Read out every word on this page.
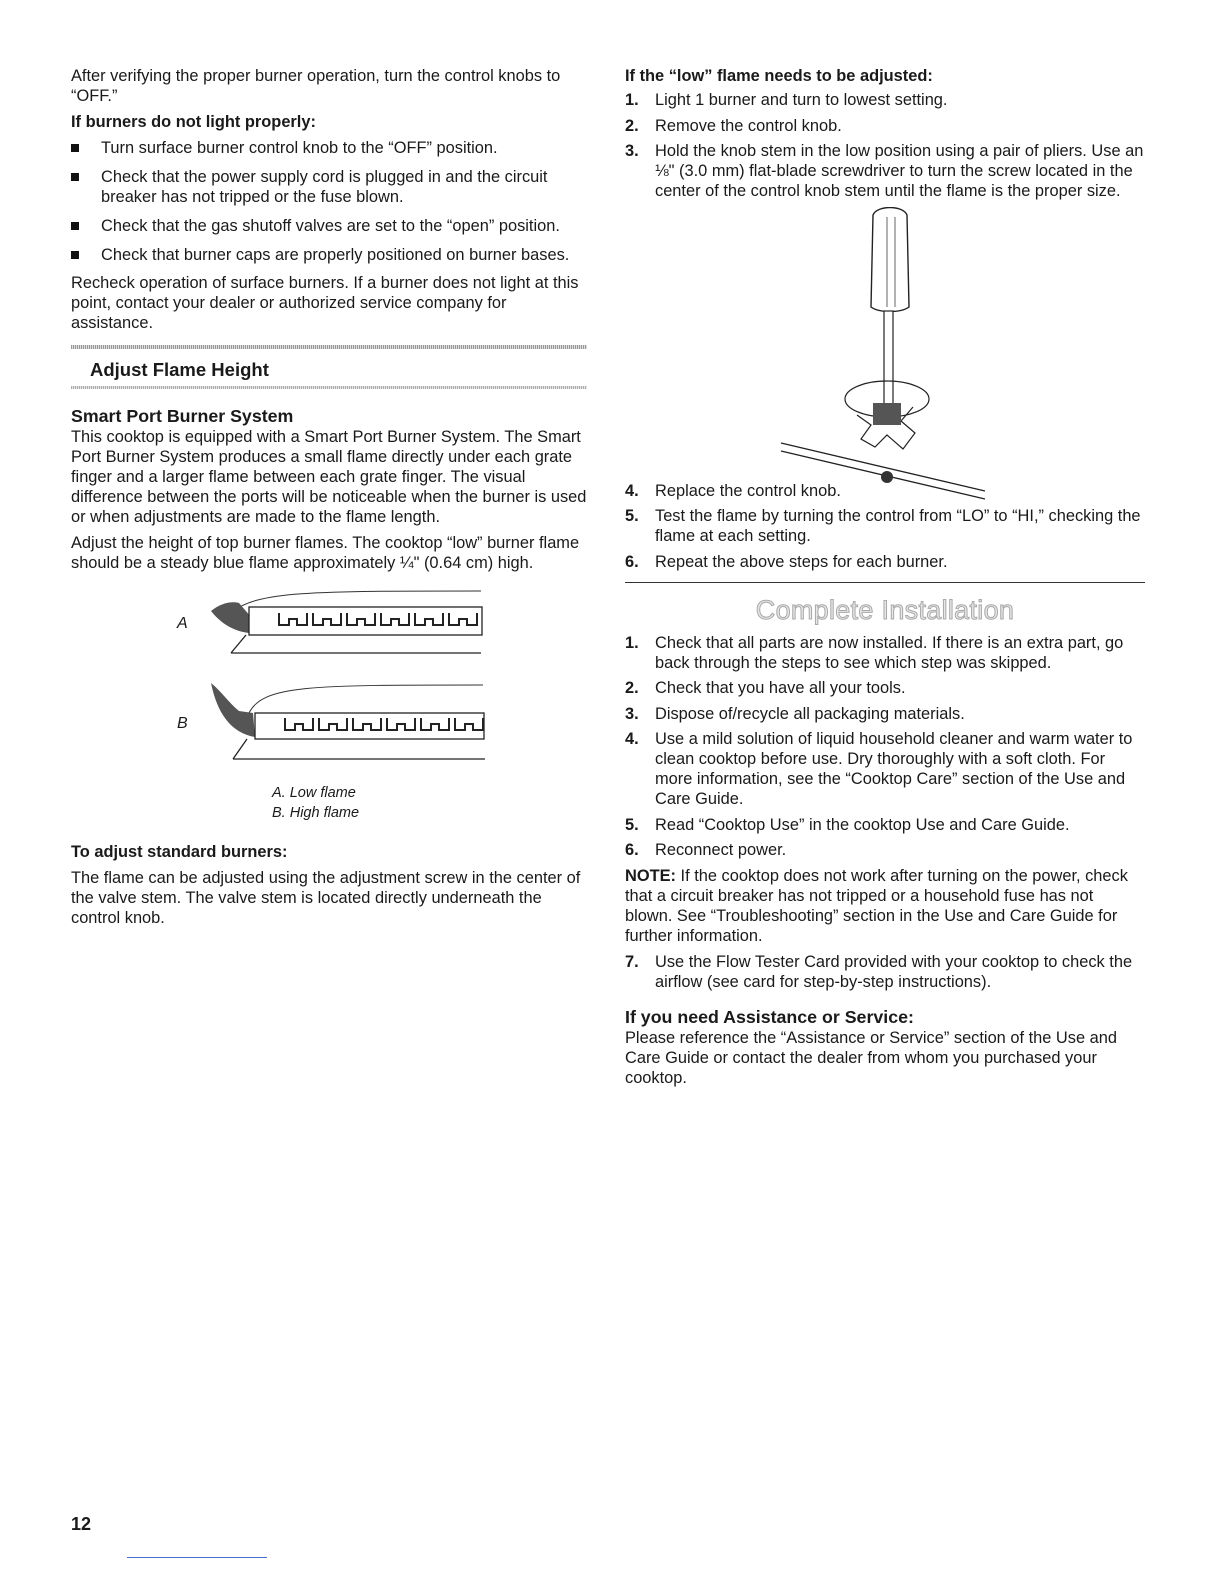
After verifying the proper burner operation, turn the control knobs to “OFF.”

If burners do not light properly:
Turn surface burner control knob to the “OFF” position.
Check that the power supply cord is plugged in and the circuit breaker has not tripped or the fuse blown.
Check that the gas shutoff valves are set to the “open” position.
Check that burner caps are properly positioned on burner bases.

Recheck operation of surface burners. If a burner does not light at this point, contact your dealer or authorized service company for assistance.

Adjust Flame Height
Smart Port Burner System

This cooktop is equipped with a Smart Port Burner System. The Smart Port Burner System produces a small flame directly under each grate finger and a larger flame between each grate finger. The visual difference between the ports will be noticeable when the burner is used or when adjustments are made to the flame length.

Adjust the height of top burner flames. The cooktop “low” burner flame should be a steady blue flame approximately ¼" (0.64 cm) high.

A
B
A. Low flame
B. High flame
To adjust standard burners:

The flame can be adjusted using the adjustment screw in the center of the valve stem. The valve stem is located directly underneath the control knob.

If the “low” flame needs to be adjusted:
1. Light 1 burner and turn to lowest setting.
2. Remove the control knob.
3. Hold the knob stem in the low position using a pair of pliers. Use an ⅛" (3.0 mm) flat-blade screwdriver to turn the screw located in the center of the control knob stem until the flame is the proper size.
4. Replace the control knob.
5. Test the flame by turning the control from “LO” to “HI,” checking the flame at each setting.
6. Repeat the above steps for each burner.
Complete Installation
1. Check that all parts are now installed. If there is an extra part, go back through the steps to see which step was skipped.
2. Check that you have all your tools.
3. Dispose of/recycle all packaging materials.
4. Use a mild solution of liquid household cleaner and warm water to clean cooktop before use. Dry thoroughly with a soft cloth. For more information, see the “Cooktop Care” section of the Use and Care Guide.
5. Read “Cooktop Use” in the cooktop Use and Care Guide.
6. Reconnect power.

NOTE: If the cooktop does not work after turning on the power, check that a circuit breaker has not tripped or a household fuse has not blown. See “Troubleshooting” section in the Use and Care Guide for further information.

7. Use the Flow Tester Card provided with your cooktop to check the airflow (see card for step-by-step instructions).
If you need Assistance or Service:

Please reference the “Assistance or Service” section of the Use and Care Guide or contact the dealer from whom you purchased your cooktop.

12
